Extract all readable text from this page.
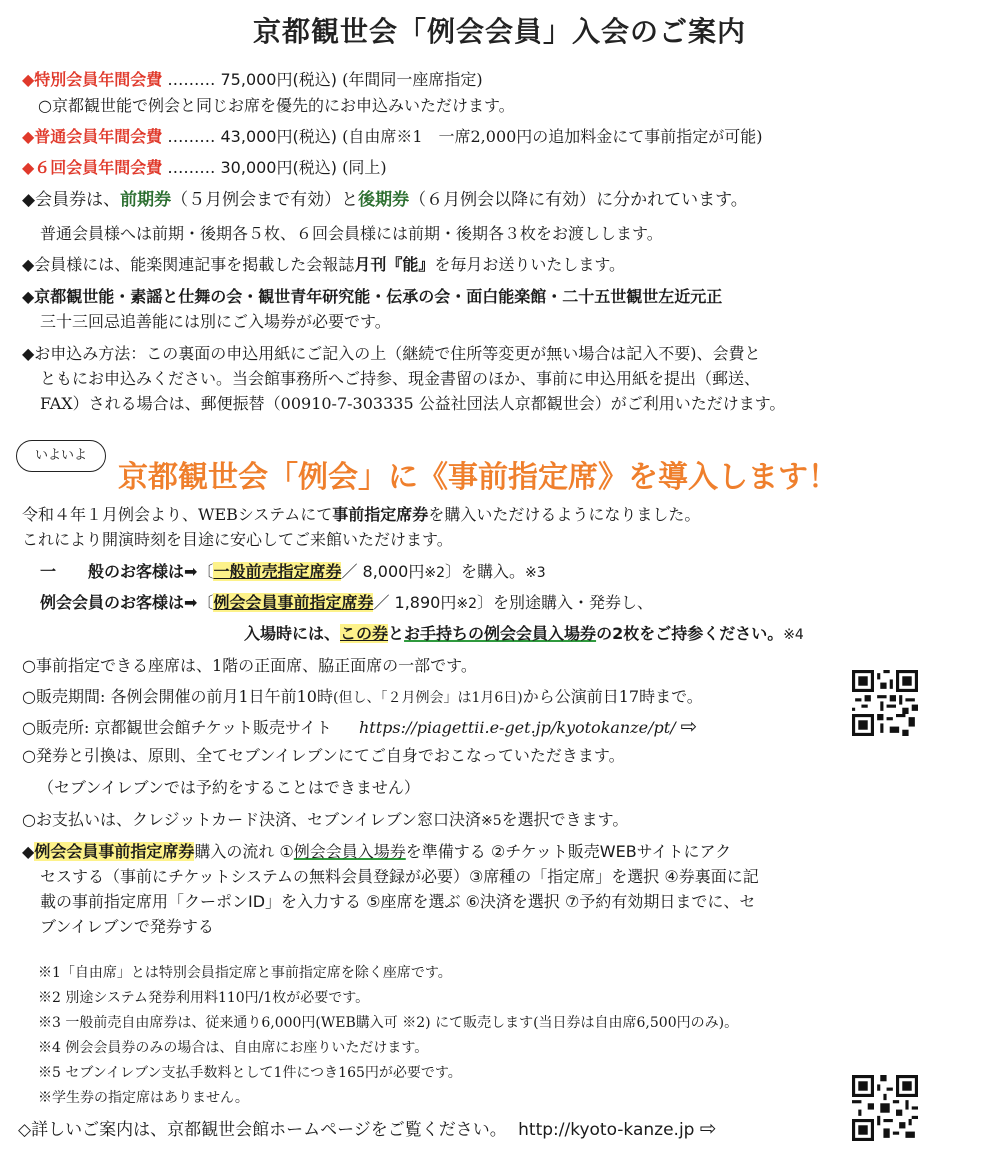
京都観世会「例会会員」入会のご案内
◆特別会員年間会費 ……… 75,000円(税込) (年間同一座席指定)
○京都観世能で例会と同じお席を優先的にお申込みいただけます。
◆普通会員年間会費 ……… 43,000円(税込) (自由席※1　一席2,000円の追加料金にて事前指定が可能)
◆６回会員年間会費 ……… 30,000円(税込) (同上)
◆会員券は、前期券（５月例会まで有効）と後期券（６月例会以降に有効）に分かれています。
普通会員様へは前期・後期各５枚、６回会員様には前期・後期各３枚をお渡しします。
◆会員様には、能楽関連記事を掲載した会報誌月刊『能』を毎月お送りいたします。
◆京都観世能・素謡と仕舞の会・観世青年研究能・伝承の会・面白能楽館・二十五世観世左近元正
三十三回忌追善能には別にご入場券が必要です。
◆お申込み方法：この裏面の申込用紙にご記入の上（継続で住所等変更が無い場合は記入不要)、会費と
ともにお申込みください。当会館事務所へご持参、現金書留のほか、事前に申込用紙を提出（郵送、
FAX）される場合は、郵便振替（00910-7-303335 公益社団法人京都観世会）がご利用いただけます。
いよいよ
京都観世会「例会」に《事前指定席》を導入します！
令和４年１月例会より、WEBシステムにて事前指定席券を購入いただけるようになりました。
これにより開演時刻を目途に安心してご来館いただけます。
一　　般のお客様は➡〔一般前売指定席券／ 8,000円※2〕を購入。※3
例会会員のお客様は➡〔例会会員事前指定席券／ 1,890円※2〕を別途購入・発券し、
入場時には、この券とお手持ちの例会会員入場券の2枚をご持参ください。※4
○事前指定できる座席は、1階の正面席、脇正面席の一部です。
○販売期間: 各例会開催の前月1日午前10時(但し、「２月例会」は1月6日)から公演前日17時まで。
○販売所: 京都観世会館チケット販売サイト https://piagettii.e-get.jp/kyotokanze/pt/ ⇨
○発券と引換は、原則、全てセブンイレブンにてご自身でおこなっていただきます。
（セブンイレブンでは予約をすることはできません）
○お支払いは、クレジットカード決済、セブンイレブン窓口決済※5を選択できます。
◆例会会員事前指定席券購入の流れ ①例会会員入場券を準備する ②チケット販売WEBサイトにアク
セスする（事前にチケットシステムの無料会員登録が必要）③席種の「指定席」を選択 ④券裏面に記
載の事前指定席用「クーポンID」を入力する ⑤座席を選ぶ ⑥決済を選択 ⑦予約有効期日までに、セ
ブンイレブンで発券する
※1「自由席」とは特別会員指定席と事前指定席を除く座席です。
※2 別途システム発券利用料110円/1枚が必要です。
※3 一般前売自由席券は、従来通り6,000円(WEB購入可 ※2) にて販売します(当日券は自由席6,500円のみ)。
※4 例会会員券のみの場合は、自由席にお座りいただけます。
※5 セブンイレブン支払手数料として1件につき165円が必要です。
※学生券の指定席はありません。
◇詳しいご案内は、京都観世会館ホームページをご覧ください。 http://kyoto-kanze.jp ⇨
